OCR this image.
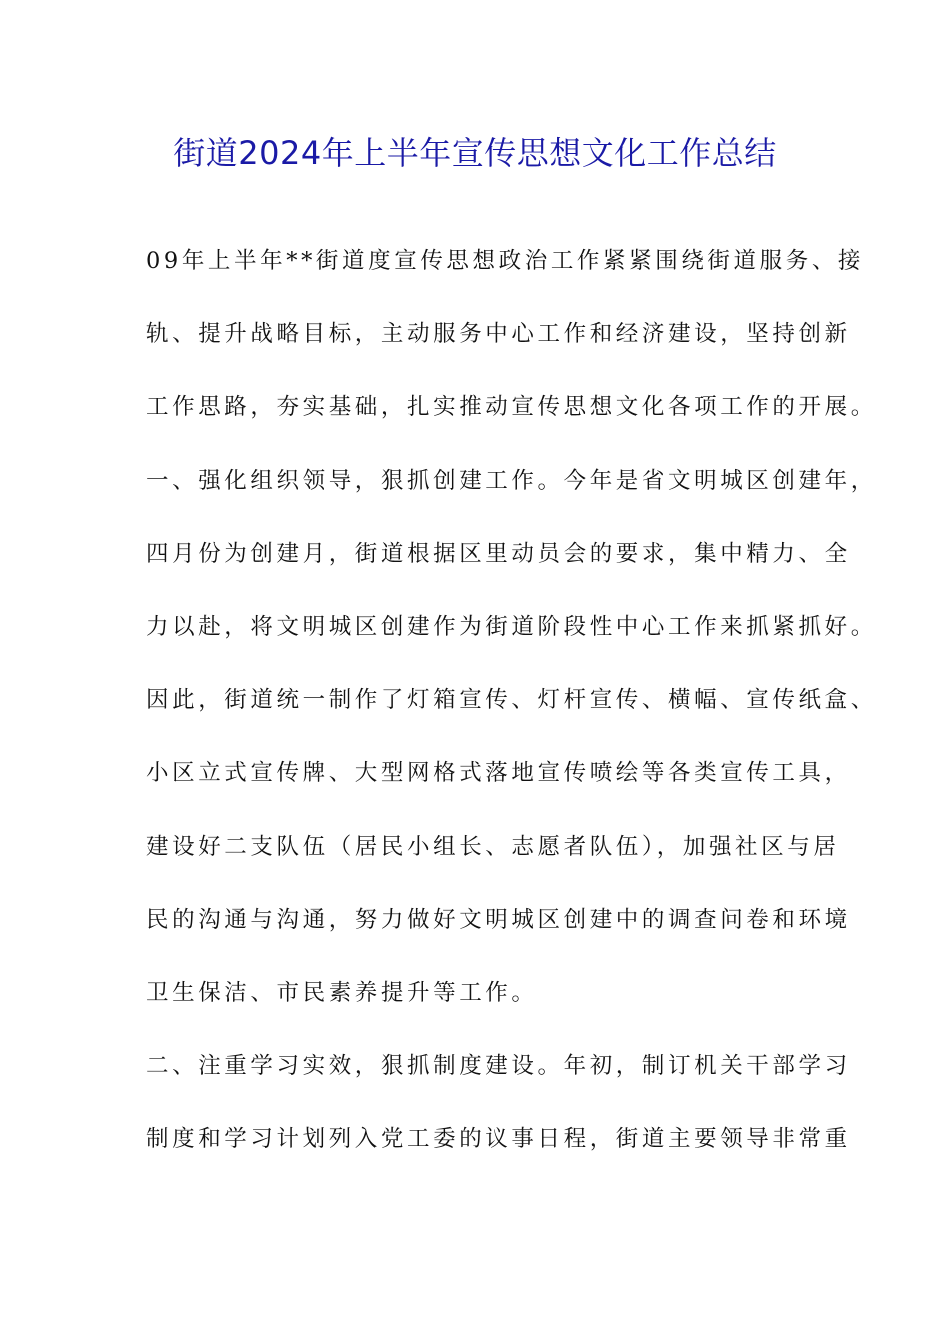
街道2024年上半年宣传思想文化工作总结
09年上半年**街道度宣传思想政治工作紧紧围绕街道服务、接
轨、提升战略目标，主动服务中心工作和经济建设，坚持创新
工作思路，夯实基础，扎实推动宣传思想文化各项工作的开展。
一、强化组织领导，狠抓创建工作。今年是省文明城区创建年，
四月份为创建月，街道根据区里动员会的要求，集中精力、全
力以赴，将文明城区创建作为街道阶段性中心工作来抓紧抓好。
因此，街道统一制作了灯箱宣传、灯杆宣传、横幅、宣传纸盒、
小区立式宣传牌、大型网格式落地宣传喷绘等各类宣传工具，
建设好二支队伍（居民小组长、志愿者队伍），加强社区与居
民的沟通与沟通，努力做好文明城区创建中的调查问卷和环境
卫生保洁、市民素养提升等工作。
二、注重学习实效，狠抓制度建设。年初，制订机关干部学习
制度和学习计划列入党工委的议事日程，街道主要领导非常重
